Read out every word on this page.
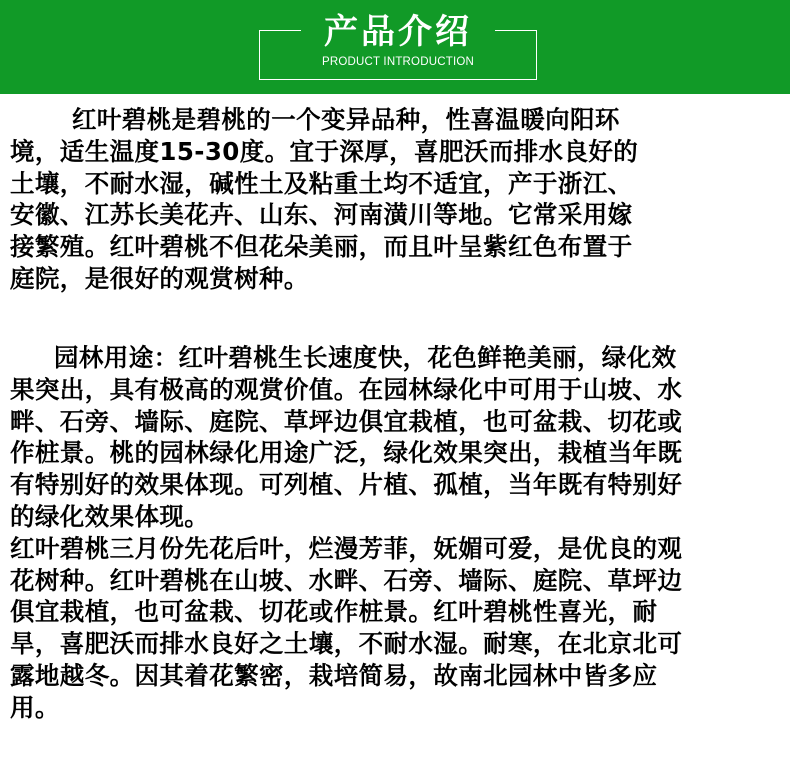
产品介绍
PRODUCT INTRODUCTION
红叶碧桃是碧桃的一个变异品种，性喜温暖向阳环
境，适生温度15-30度。宜于深厚，喜肥沃而排水良好的
土壤，不耐水湿，碱性土及粘重土均不适宜，产于浙江、
安徽、江苏长美花卉、山东、河南潢川等地。它常采用嫁
接繁殖。红叶碧桃不但花朵美丽，而且叶呈紫红色布置于
庭院，是很好的观赏树种。
园林用途：红叶碧桃生长速度快，花色鲜艳美丽，绿化效
果突出，具有极高的观赏价值。在园林绿化中可用于山坡、水
畔、石旁、墙际、庭院、草坪边俱宜栽植，也可盆栽、切花或
作桩景。桃的园林绿化用途广泛，绿化效果突出，栽植当年既
有特别好的效果体现。可列植、片植、孤植，当年既有特别好
的绿化效果体现。
红叶碧桃三月份先花后叶，烂漫芳菲，妩媚可爱，是优良的观
花树种。红叶碧桃在山坡、水畔、石旁、墙际、庭院、草坪边
俱宜栽植，也可盆栽、切花或作桩景。红叶碧桃性喜光，耐
旱，喜肥沃而排水良好之土壤，不耐水湿。耐寒，在北京北可
露地越冬。因其着花繁密，栽培简易，故南北园林中皆多应
用。
